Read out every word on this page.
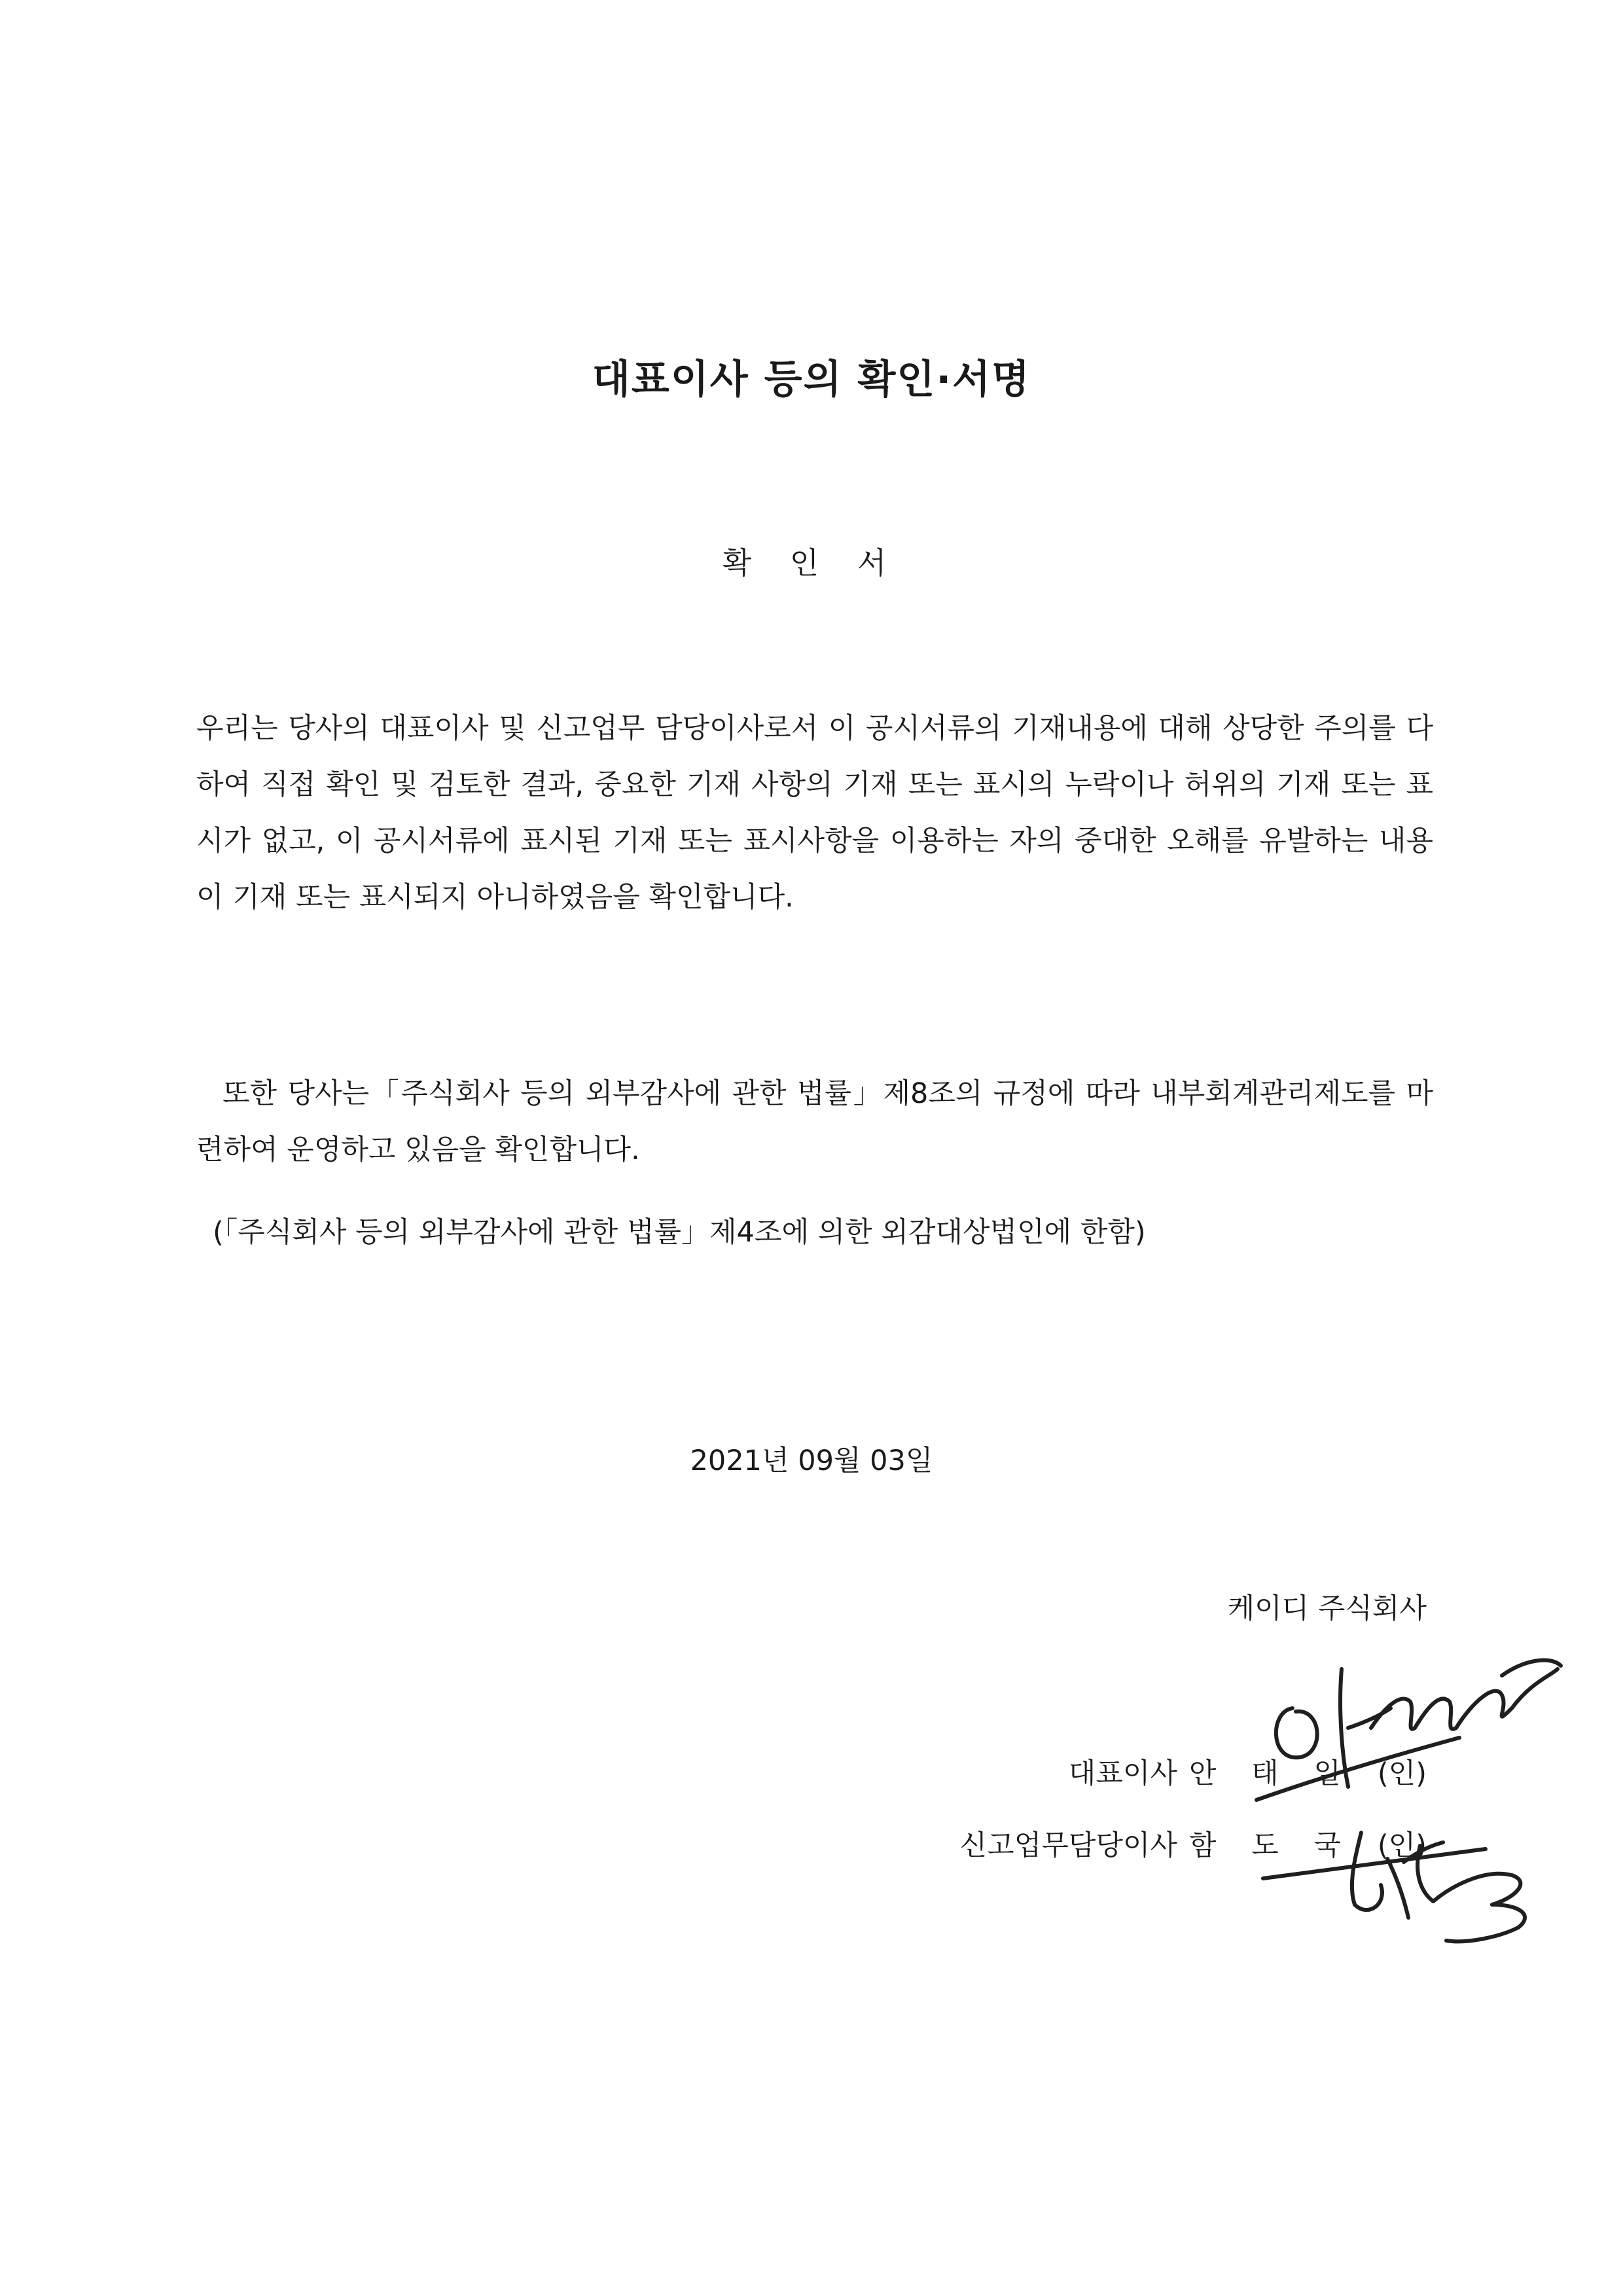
대표이사 등의 확인·서명

확 인 서

우리는 당사의 대표이사 및 신고업무 담당이사로서 이 공시서류의 기재내용에 대해 상당한 주의를 다하여 직접 확인 및 검토한 결과, 중요한 기재 사항의 기재 또는 표시의 누락이나 허위의 기재 또는 표시가 없고, 이 공시서류에 표시된 기재 또는 표시사항을 이용하는 자의 중대한 오해를 유발하는 내용이 기재 또는 표시되지 아니하였음을 확인합니다.

또한 당사는「주식회사 등의 외부감사에 관한 법률」제8조의 규정에 따라 내부회계관리제도를 마련하여 운영하고 있음을 확인합니다.

(「주식회사 등의 외부감사에 관한 법률」제4조에 의한 외감대상법인에 한함)

2021년 09월 03일

케이디 주식회사

대표이사 안 태 일 (인)
신고업무담당이사 함 도 국 (인)
